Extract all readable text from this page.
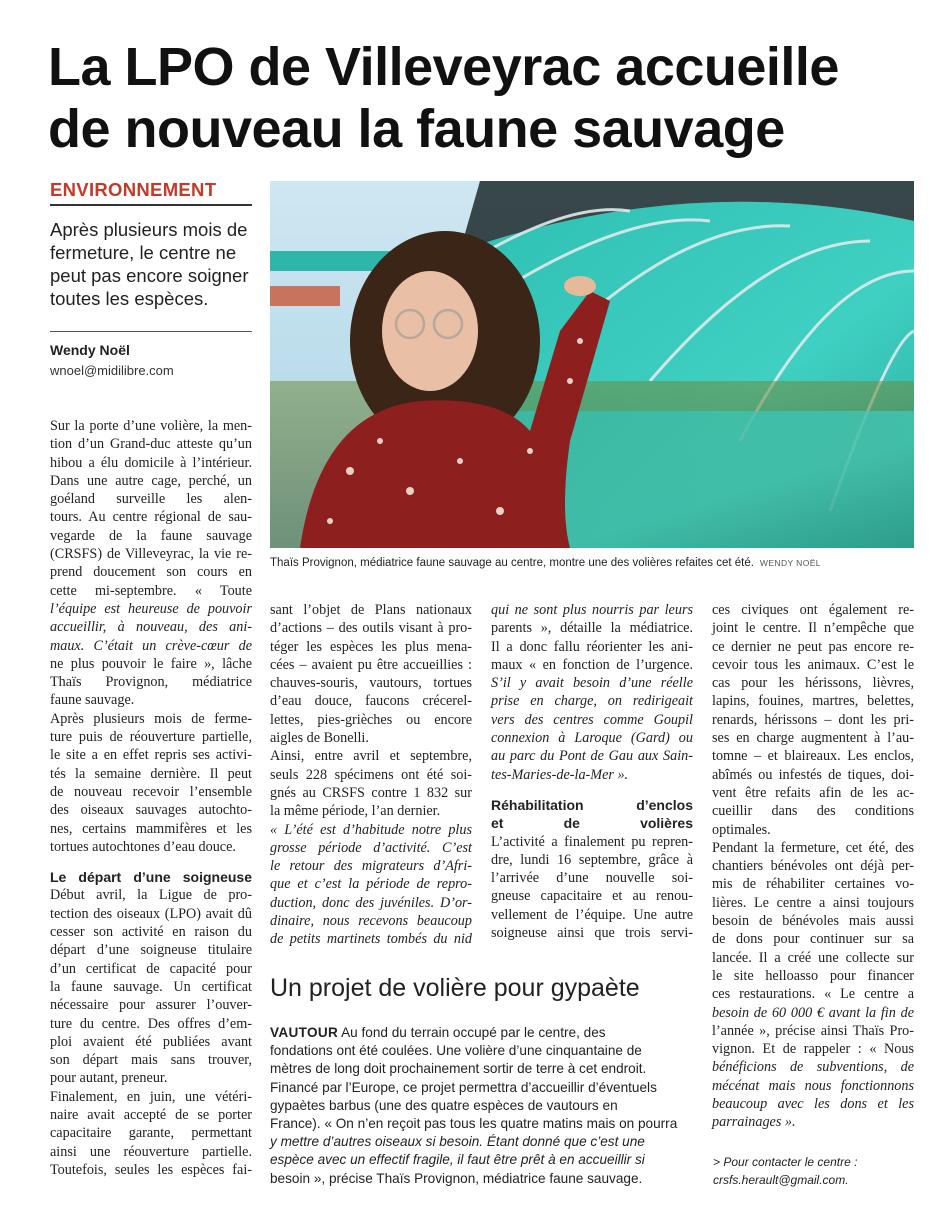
La LPO de Villeveyrac accueille
de nouveau la faune sauvage
ENVIRONNEMENT
Après plusieurs mois de
fermeture, le centre ne
peut pas encore soigner
toutes les espèces.
Wendy Noël
wnoel@midilibre.com
Thaïs Provignon, médiatrice faune sauvage au centre, montre une des volières refaites cet été. WENDY NOËL
Sur la porte d’une volière, la men-
tion d’un Grand-duc atteste qu’un
hibou a élu domicile à l’intérieur.
Dans une autre cage, perché, un
goéland surveille les alen-
tours. Au centre régional de sau-
vegarde de la faune sauvage
(CRSFS) de Villeveyrac, la vie re-
prend doucement son cours en
cette mi-septembre. « Toute
l’équipe est heureuse de pouvoir
accueillir, à nouveau, des ani-
maux. C’était un crève-cœur de
ne plus pouvoir le faire », lâche
Thaïs Provignon, médiatrice
faune sauvage.
Après plusieurs mois de ferme-
ture puis de réouverture partielle,
le site a en effet repris ses activi-
tés la semaine dernière. Il peut
de nouveau recevoir l’ensemble
des oiseaux sauvages autochto-
nes, certains mammifères et les
tortues autochtones d’eau douce.
Le départ d’une soigneuse
Début avril, la Ligue de pro-
tection des oiseaux (LPO) avait dû
cesser son activité en raison du
départ d’une soigneuse titulaire
d’un certificat de capacité pour
la faune sauvage. Un certificat
nécessaire pour assurer l’ouver-
ture du centre. Des offres d’em-
ploi avaient été publiées avant
son départ mais sans trouver,
pour autant, preneur.
Finalement, en juin, une vétéri-
naire avait accepté de se porter
capacitaire garante, permettant
ainsi une réouverture partielle.
Toutefois, seules les espèces fai-
sant l’objet de Plans nationaux
d’actions – des outils visant à pro-
téger les espèces les plus mena-
cées – avaient pu être accueillies :
chauves-souris, vautours, tortues
d’eau douce, faucons crécerel-
lettes, pies-grièches ou encore
aigles de Bonelli.
Ainsi, entre avril et septembre,
seuls 228 spécimens ont été soi-
gnés au CRSFS contre 1 832 sur
la même période, l’an dernier.
« L’été est d’habitude notre plus
grosse période d’activité. C’est
le retour des migrateurs d’Afri-
que et c’est la période de repro-
duction, donc des juvéniles. D’or-
dinaire, nous recevons beaucoup
de petits martinets tombés du nid
qui ne sont plus nourris par leurs
parents », détaille la médiatrice.
Il a donc fallu réorienter les ani-
maux « en fonction de l’urgence.
S’il y avait besoin d’une réelle
prise en charge, on redirigeait
vers des centres comme Goupil
connexion à Laroque (Gard) ou
au parc du Pont de Gau aux Sain-
tes-Maries-de-la-Mer ».
Réhabilitation d’enclos
et de volières
L’activité a finalement pu repren-
dre, lundi 16 septembre, grâce à
l’arrivée d’une nouvelle soi-
gneuse capacitaire et au renou-
vellement de l’équipe. Une autre
soigneuse ainsi que trois servi-
ces civiques ont également re-
joint le centre. Il n’empêche que
ce dernier ne peut pas encore re-
cevoir tous les animaux. C’est le
cas pour les hérissons, lièvres,
lapins, fouines, martres, belettes,
renards, hérissons – dont les pri-
ses en charge augmentent à l’au-
tomne – et blaireaux. Les enclos,
abîmés ou infestés de tiques, doi-
vent être refaits afin de les ac-
cueillir dans des conditions
optimales.
Pendant la fermeture, cet été, des
chantiers bénévoles ont déjà per-
mis de réhabiliter certaines vo-
lières. Le centre a ainsi toujours
besoin de bénévoles mais aussi
de dons pour continuer sur sa
lancée. Il a créé une collecte sur
le site helloasso pour financer
ces restaurations. « Le centre a
besoin de 60 000 € avant la fin de
l’année », précise ainsi Thaïs Pro-
vignon. Et de rappeler : « Nous
bénéficions de subventions, de
mécénat mais nous fonctionnons
beaucoup avec les dons et les
parrainages ».
> Pour contacter le centre :
crsfs.herault@gmail.com.
Un projet de volière pour gypaète
VAUTOUR Au fond du terrain occupé par le centre, des
fondations ont été coulées. Une volière d’une cinquantaine de
mètres de long doit prochainement sortir de terre à cet endroit.
Financé par l’Europe, ce projet permettra d’accueillir d’éventuels
gypaètes barbus (une des quatre espèces de vautours en
France). « On n’en reçoit pas tous les quatre matins mais on pourra
y mettre d’autres oiseaux si besoin. Étant donné que c’est une
espèce avec un effectif fragile, il faut être prêt à en accueillir si
besoin », précise Thaïs Provignon, médiatrice faune sauvage.
